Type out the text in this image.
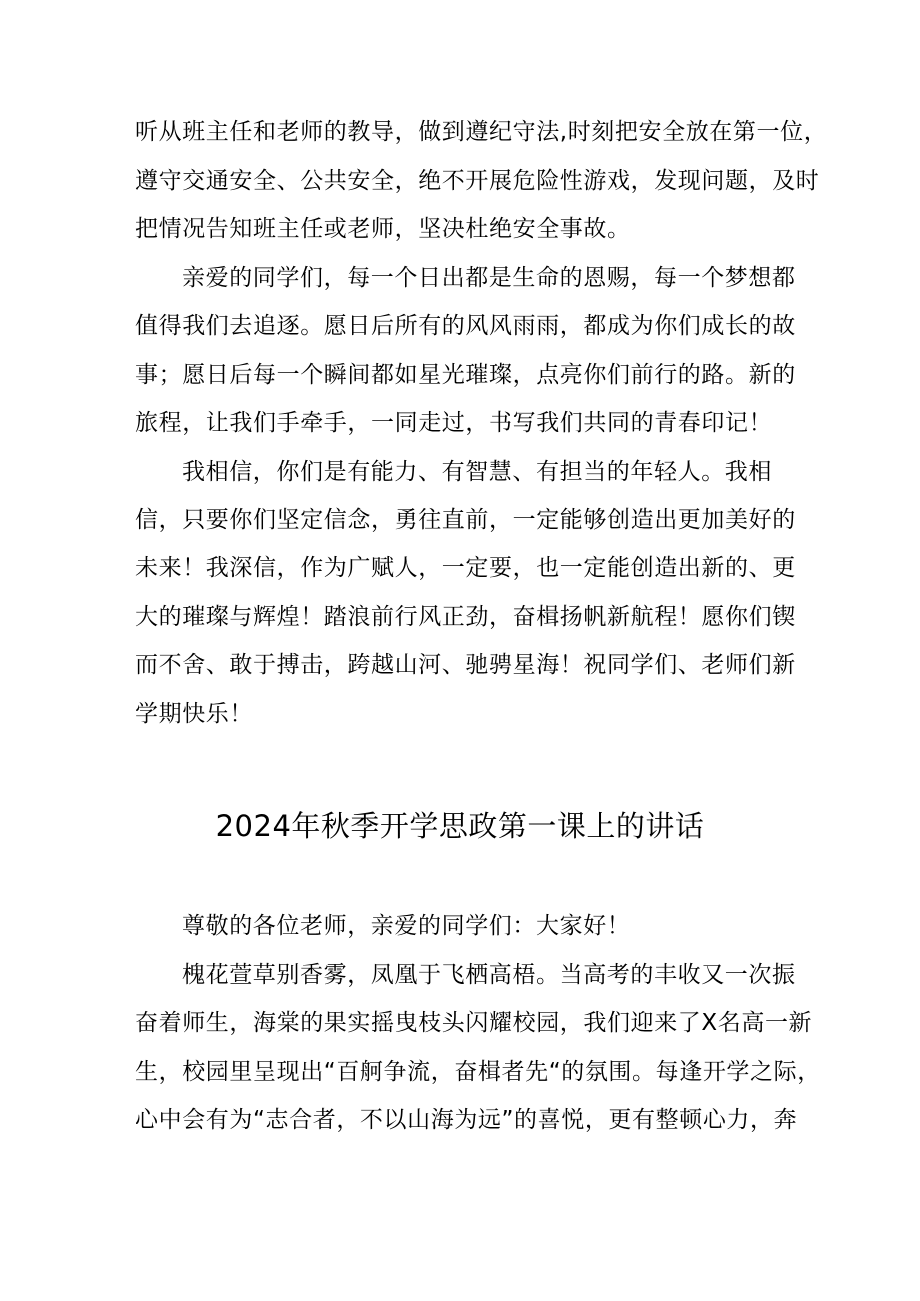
听从班主任和老师的教导，做到遵纪守法,时刻把安全放在第一位，
遵守交通安全、公共安全，绝不开展危险性游戏，发现问题，及时
把情况告知班主任或老师，坚决杜绝安全事故。
亲爱的同学们，每一个日出都是生命的恩赐，每一个梦想都
值得我们去追逐。愿日后所有的风风雨雨，都成为你们成长的故
事；愿日后每一个瞬间都如星光璀璨，点亮你们前行的路。新的
旅程，让我们手牵手，一同走过，书写我们共同的青春印记！
我相信，你们是有能力、有智慧、有担当的年轻人。我相
信，只要你们坚定信念，勇往直前，一定能够创造出更加美好的
未来！我深信，作为广赋人，一定要，也一定能创造出新的、更
大的璀璨与辉煌！踏浪前行风正劲，奋楫扬帆新航程！愿你们锲
而不舍、敢于搏击，跨越山河、驰骋星海！祝同学们、老师们新
学期快乐！
2024年秋季开学思政第一课上的讲话
尊敬的各位老师，亲爱的同学们：大家好！
槐花萱草别香雾，凤凰于飞栖高梧。当高考的丰收又一次振
奋着师生，海棠的果实摇曳枝头闪耀校园，我们迎来了X名高一新
生，校园里呈现出“百舸争流，奋楫者先“的氛围。每逢开学之际，
心中会有为“志合者，不以山海为远”的喜悦，更有整顿心力，奔
